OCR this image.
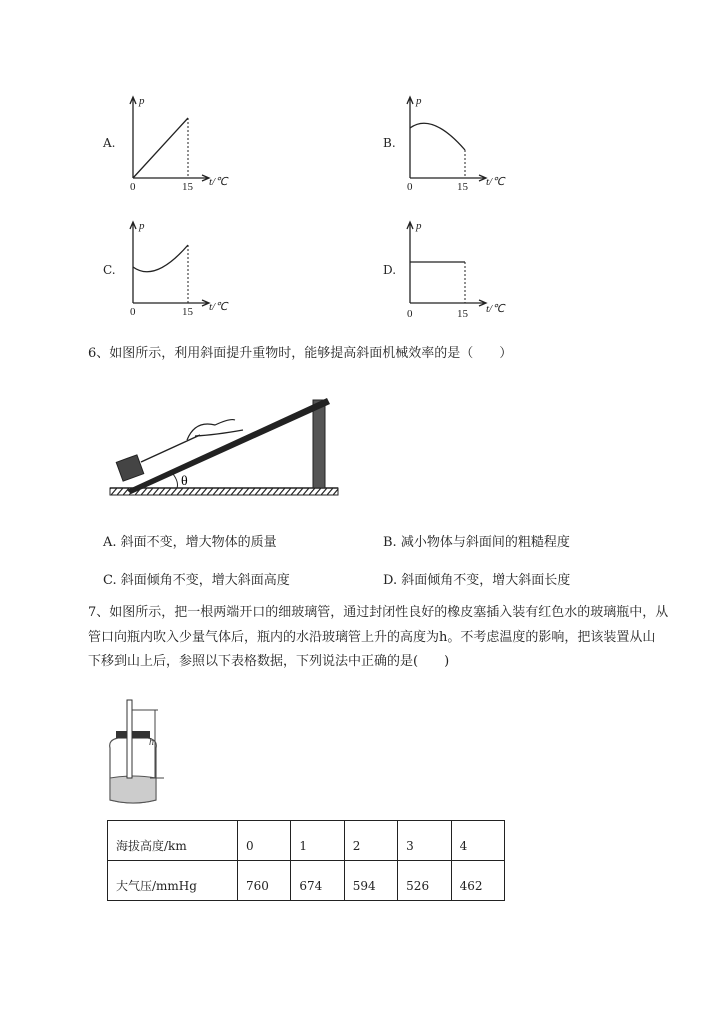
A.	B.
C.	D.
p
t/℃
0	15
p
t/℃
0	15
p
t/℃
0	15
p
t/℃
0	15
6、如图所示，利用斜面提升重物时，能够提高斜面机械效率的是（　　）
θ
A. 斜面不变，增大物体的质量	B. 减小物体与斜面间的粗糙程度
C. 斜面倾角不变，增大斜面高度	D. 斜面倾角不变，增大斜面长度
7、如图所示，把一根两端开口的细玻璃管，通过封闭性良好的橡皮塞插入装有红色水的玻璃瓶中，从
管口向瓶内吹入少量气体后，瓶内的水沿玻璃管上升的高度为h。不考虑温度的影响，把该装置从山
下移到山上后，参照以下表格数据，下列说法中正确的是(　　)
h
海拔高度/km	0	1	2	3	4
大气压/mmHg	760	674	594	526	462
